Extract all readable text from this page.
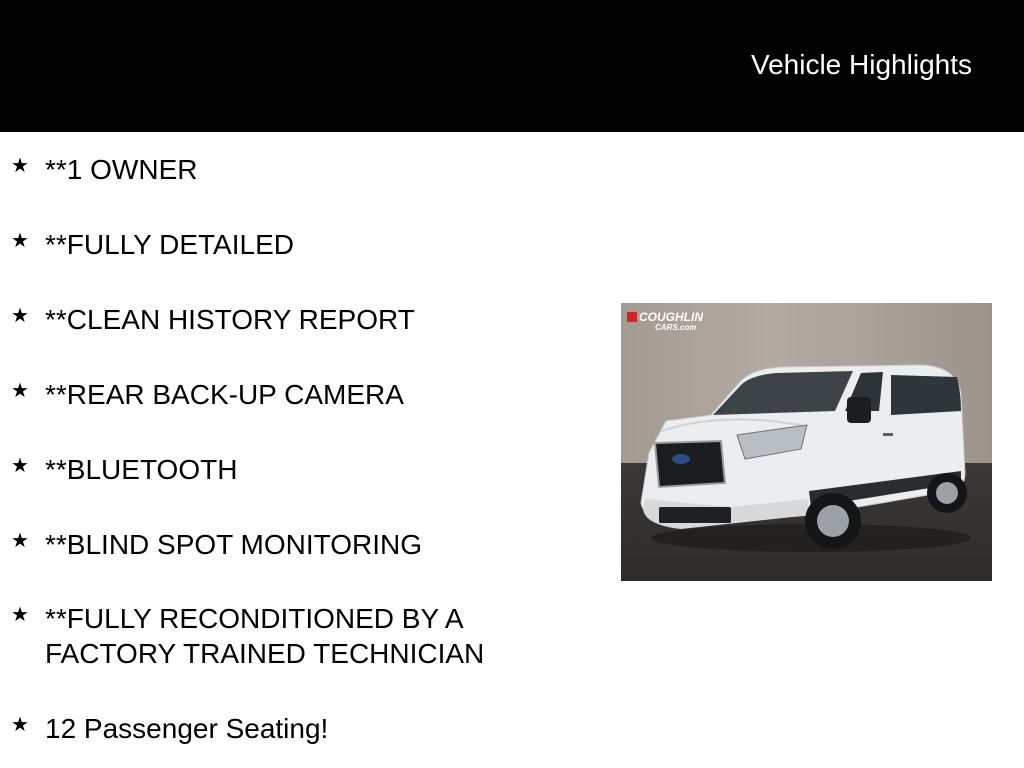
Vehicle Highlights
★ **1 OWNER
★ **FULLY DETAILED
★ **CLEAN HISTORY REPORT
★ **REAR BACK-UP CAMERA
★ **BLUETOOTH
★ **BLIND SPOT MONITORING
★ **FULLY RECONDITIONED BY A FACTORY TRAINED TECHNICIAN
★ 12 Passenger Seating!
COUGHLIN
CARS.com
